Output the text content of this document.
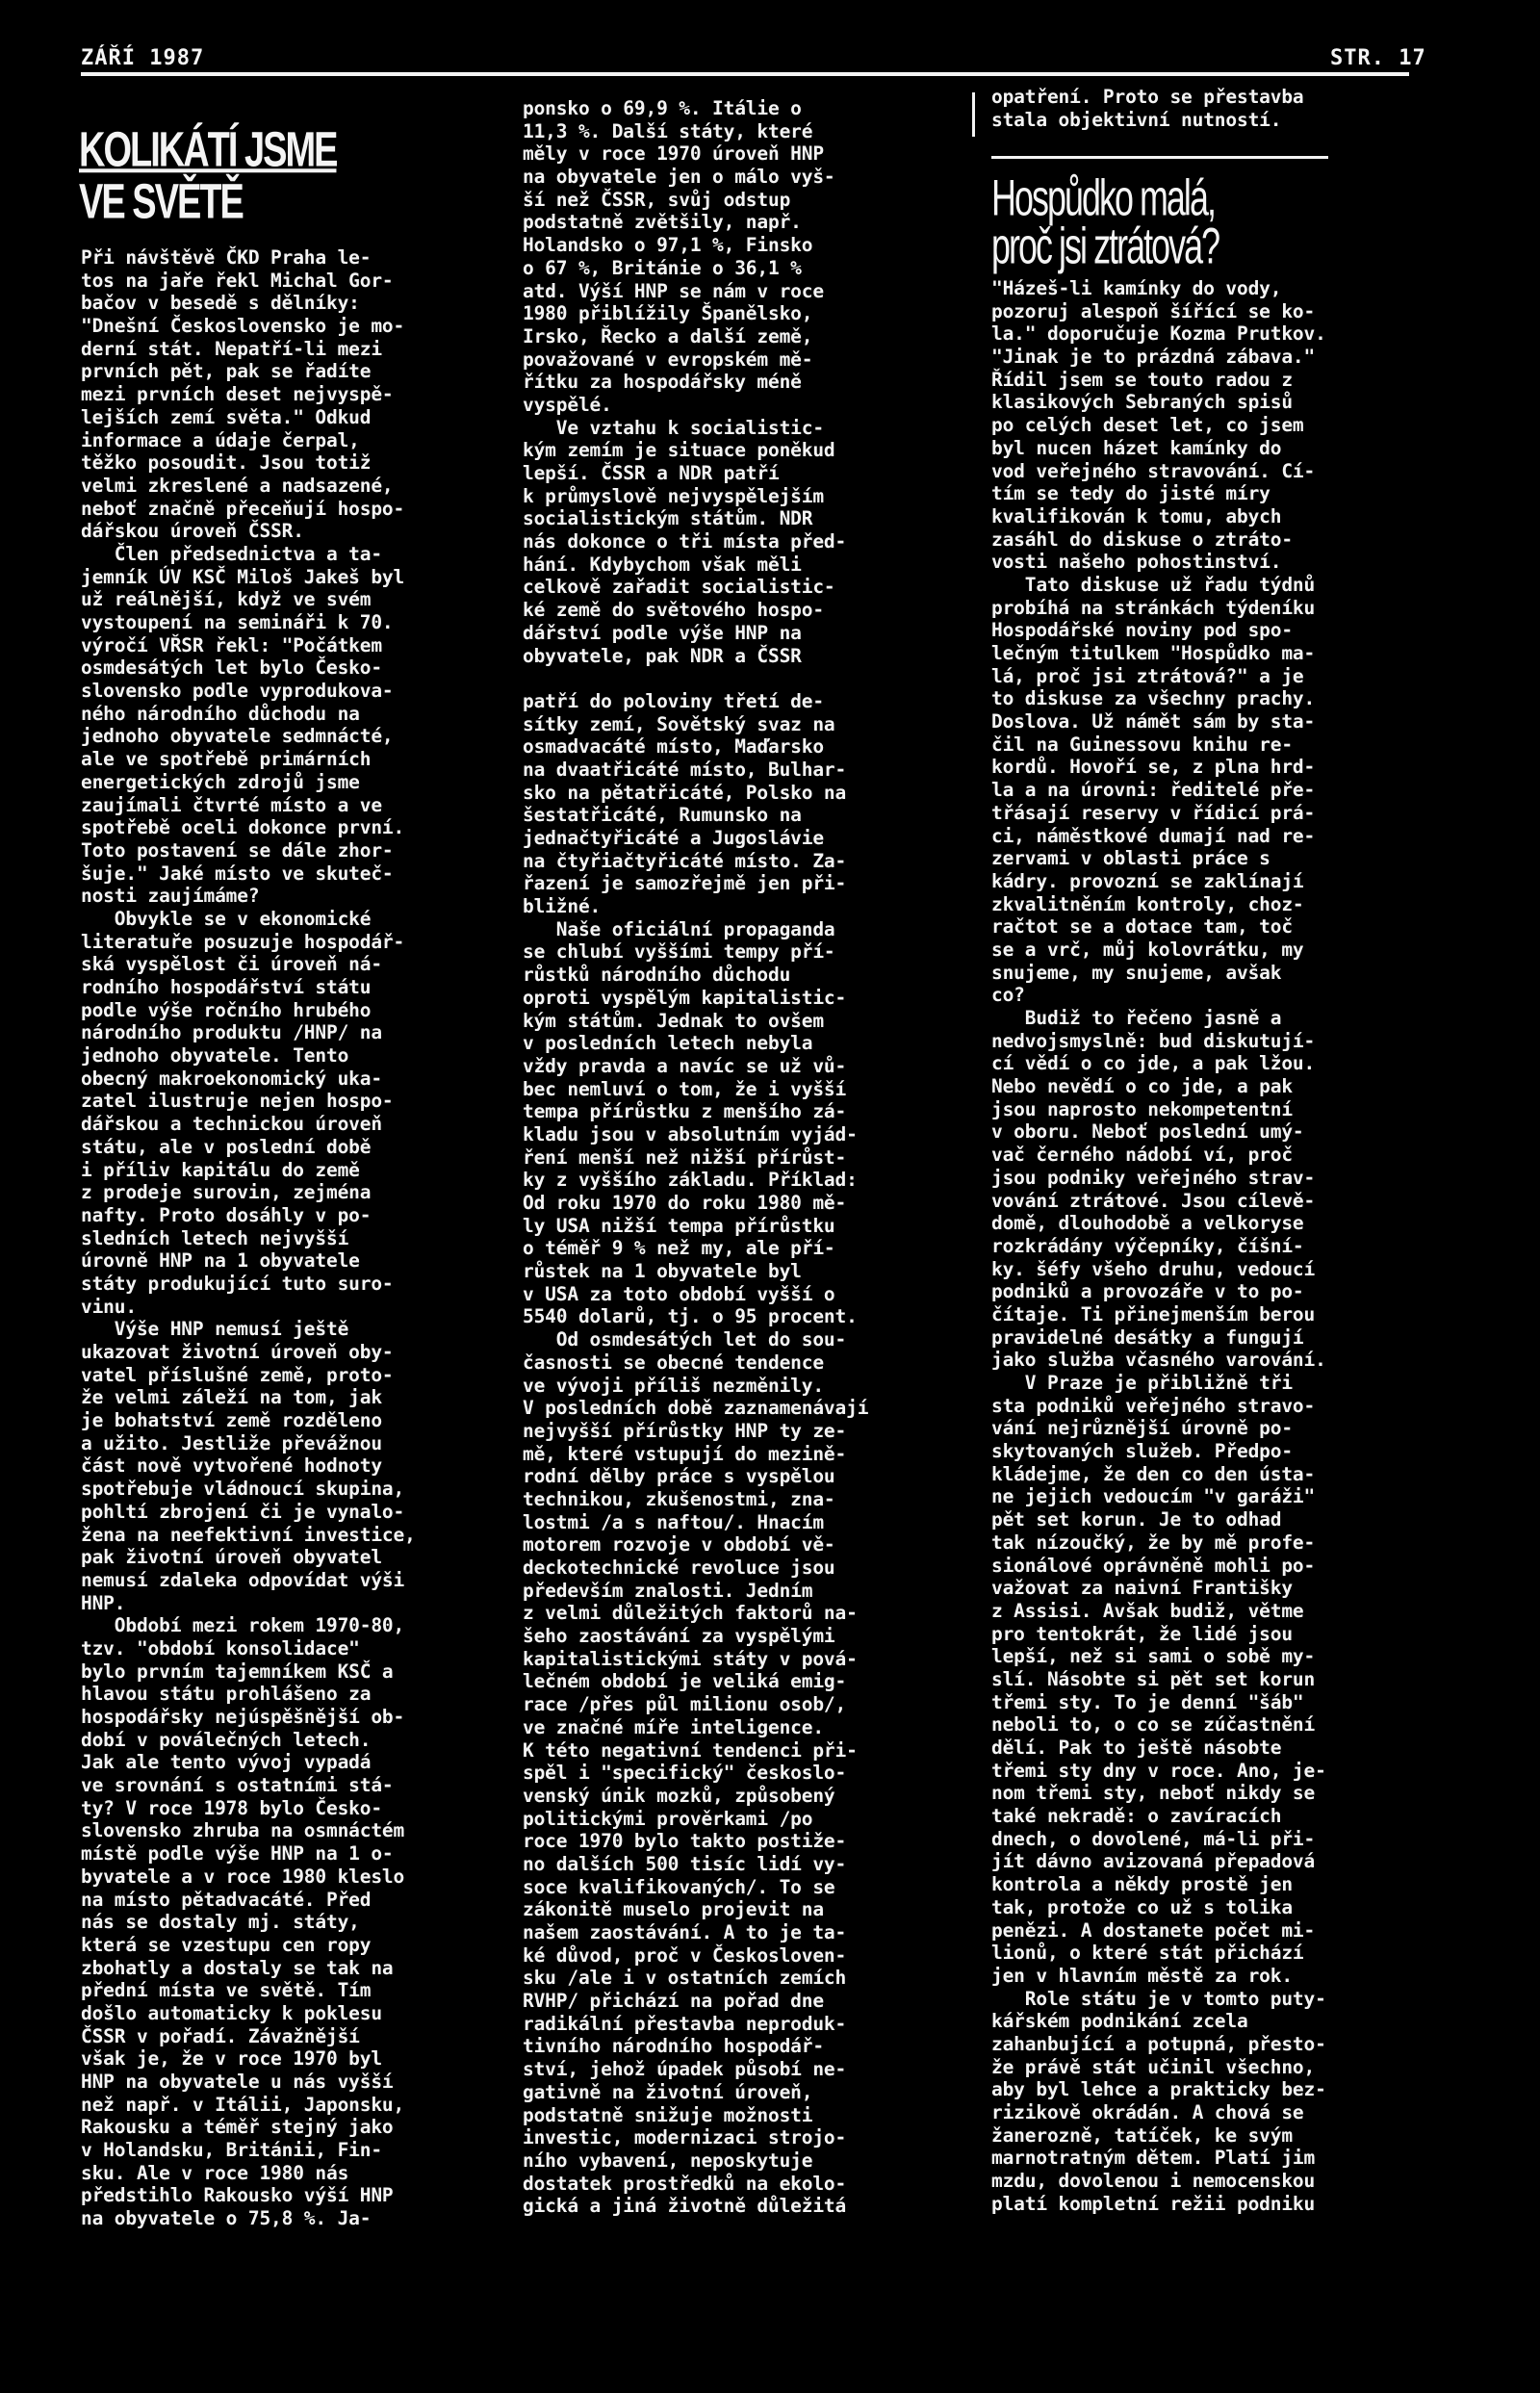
ZÁŘÍ 1987	STR. 17
KOLIKÁTÍ JSME
VE SVĚTĚ
Při návštěvě ČKD Praha le-
tos na jaře řekl Michal Gor-
bačov v besedě s dělníky:
"Dnešní Československo je mo-
derní stát. Nepatří-li mezi
prvních pět, pak se řadíte
mezi prvních deset nejvyspě-
lejších zemí světa." Odkud
informace a údaje čerpal,
těžko posoudit. Jsou totiž
velmi zkreslené a nadsazené,
neboť značně přeceňují hospo-
dářskou úroveň ČSSR.
Člen předsednictva a ta-
jemník ÚV KSČ Miloš Jakeš byl
už reálnější, když ve svém
vystoupení na semináři k 70.
výročí VŘSR řekl: "Počátkem
osmdesátých let bylo Česko-
slovensko podle vyprodukova-
ného národního důchodu na
jednoho obyvatele sedmnácté,
ale ve spotřebě primárních
energetických zdrojů jsme
zaujímali čtvrté místo a ve
spotřebě oceli dokonce první.
Toto postavení se dále zhor-
šuje." Jaké místo ve skuteč-
nosti zaujímáme?
Obvykle se v ekonomické
literatuře posuzuje hospodář-
ská vyspělost či úroveň ná-
rodního hospodářství státu
podle výše ročního hrubého
národního produktu /HNP/ na
jednoho obyvatele. Tento
obecný makroekonomický uka-
zatel ilustruje nejen hospo-
dářskou a technickou úroveň
státu, ale v poslední době
i příliv kapitálu do země
z prodeje surovin, zejména
nafty. Proto dosáhly v po-
sledních letech nejvyšší
úrovně HNP na 1 obyvatele
státy produkující tuto suro-
vinu.
Výše HNP nemusí ještě
ukazovat životní úroveň oby-
vatel příslušné země, proto-
že velmi záleží na tom, jak
je bohatství země rozděleno
a užito. Jestliže převážnou
část nově vytvořené hodnoty
spotřebuje vládnoucí skupina,
pohltí zbrojení či je vynalo-
žena na neefektivní investice,
pak životní úroveň obyvatel
nemusí zdaleka odpovídat výši
HNP.
Období mezi rokem 1970-80,
tzv. "období konsolidace"
bylo prvním tajemníkem KSČ a
hlavou státu prohlášeno za
hospodářsky nejúspěšnější ob-
dobí v poválečných letech.
Jak ale tento vývoj vypadá
ve srovnání s ostatními stá-
ty? V roce 1978 bylo Česko-
slovensko zhruba na osmnáctém
místě podle výše HNP na 1 o-
byvatele a v roce 1980 kleslo
na místo pětadvacáté. Před
nás se dostaly mj. státy,
která se vzestupu cen ropy
zbohatly a dostaly se tak na
přední místa ve světě. Tím
došlo automaticky k poklesu
ČSSR v pořadí. Závažnější
však je, že v roce 1970 byl
HNP na obyvatele u nás vyšší
než např. v Itálii, Japonsku,
Rakousku a téměř stejný jako
v Holandsku, Británii, Fin-
sku. Ale v roce 1980 nás
předstihlo Rakousko výší HNP
na obyvatele o 75,8 %. Ja-
ponsko o 69,9 %. Itálie o
11,3 %. Další státy, které
měly v roce 1970 úroveň HNP
na obyvatele jen o málo vyš-
ší než ČSSR, svůj odstup
podstatně zvětšily, např.
Holandsko o 97,1 %, Finsko
o 67 %, Británie o 36,1 %
atd. Výší HNP se nám v roce
1980 přiblížily Španělsko,
Irsko, Řecko a další země,
považované v evropském mě-
řítku za hospodářsky méně
vyspělé.
Ve vztahu k socialistic-
kým zemím je situace poněkud
lepší. ČSSR a NDR patří
k průmyslově nejvyspělejším
socialistickým státům. NDR
nás dokonce o tři místa před-
hání. Kdybychom však měli
celkově zařadit socialistic-
ké země do světového hospo-
dářství podle výše HNP na
obyvatele, pak NDR a ČSSR
patří do poloviny třetí de-
sítky zemí, Sovětský svaz na
osmadvacáté místo, Maďarsko
na dvaatřicáté místo, Bulhar-
sko na pětatřicáté, Polsko na
šestatřicáté, Rumunsko na
jednačtyřicáté a Jugoslávie
na čtyřiačtyřicáté místo. Za-
řazení je samozřejmě jen při-
bližné.
Naše oficiální propaganda
se chlubí vyššími tempy pří-
růstků národního důchodu
oproti vyspělým kapitalistic-
kým státům. Jednak to ovšem
v posledních letech nebyla
vždy pravda a navíc se už vů-
bec nemluví o tom, že i vyšší
tempa přírůstku z menšího zá-
kladu jsou v absolutním vyjád-
ření menší než nižší přírůst-
ky z vyššího základu. Příklad:
Od roku 1970 do roku 1980 mě-
ly USA nižší tempa přírůstku
o téměř 9 % než my, ale pří-
růstek na 1 obyvatele byl
v USA za toto období vyšší o
5540 dolarů, tj. o 95 procent.
Od osmdesátých let do sou-
časnosti se obecné tendence
ve vývoji příliš nezměnily.
V posledních době zaznamenávají
nejvyšší přírůstky HNP ty ze-
mě, které vstupují do mezině-
rodní dělby práce s vyspělou
technikou, zkušenostmi, zna-
lostmi /a s naftou/. Hnacím
motorem rozvoje v období vě-
deckotechnické revoluce jsou
především znalosti. Jedním
z velmi důležitých faktorů na-
šeho zaostávání za vyspělými
kapitalistickými státy v pová-
lečném období je veliká emig-
race /přes půl milionu osob/,
ve značné míře inteligence.
K této negativní tendenci při-
spěl i "specifický" českoslo-
venský únik mozků, způsobený
politickými prověrkami /po
roce 1970 bylo takto postiže-
no dalších 500 tisíc lidí vy-
soce kvalifikovaných/. To se
zákonitě muselo projevit na
našem zaostávání. A to je ta-
ké důvod, proč v Českosloven-
sku /ale i v ostatních zemích
RVHP/ přichází na pořad dne
radikální přestavba neproduk-
tivního národního hospodář-
ství, jehož úpadek působí ne-
gativně na životní úroveň,
podstatně snižuje možnosti
investic, modernizaci strojo-
ního vybavení, neposkytuje
dostatek prostředků na ekolo-
gická a jiná životně důležitá
opatření. Proto se přestavba
stala objektivní nutností.
Hospůdko malá,
proč jsi ztrátová?
"Házeš-li kamínky do vody,
pozoruj alespoň šířící se ko-
la." doporučuje Kozma Prutkov.
"Jinak je to prázdná zábava."
Řídil jsem se touto radou z
klasikových Sebraných spisů
po celých deset let, co jsem
byl nucen házet kamínky do
vod veřejného stravování. Cí-
tím se tedy do jisté míry
kvalifikován k tomu, abych
zasáhl do diskuse o ztráto-
vosti našeho pohostinství.
Tato diskuse už řadu týdnů
probíhá na stránkách týdeníku
Hospodářské noviny pod spo-
lečným titulkem "Hospůdko ma-
lá, proč jsi ztrátová?" a je
to diskuse za všechny prachy.
Doslova. Už námět sám by sta-
čil na Guinessovu knihu re-
kordů. Hovoří se, z plna hrd-
la a na úrovni: ředitelé pře-
třásají reservy v řídicí prá-
ci, náměstkové dumají nad re-
zervami v oblasti práce s
kádry. provozní se zaklínají
zkvalitněním kontroly, choz-
račtot se a dotace tam, toč
se a vrč, můj kolovrátku, my
snujeme, my snujeme, avšak
co?
Budiž to řečeno jasně a
nedvojsmyslně: bud diskutují-
cí vědí o co jde, a pak lžou.
Nebo nevědí o co jde, a pak
jsou naprosto nekompetentní
v oboru. Neboť poslední umý-
vač černého nádobí ví, proč
jsou podniky veřejného strav-
vování ztrátové. Jsou cílevě-
domě, dlouhodobě a velkoryse
rozkrádány výčepníky, číšní-
ky. šéfy všeho druhu, vedoucí
podniků a provozáře v to po-
čítaje. Ti přinejmenším berou
pravidelné desátky a fungují
jako služba včasného varování.
V Praze je přibližně tři
sta podniků veřejného stravo-
vání nejrůznější úrovně po-
skytovaných služeb. Předpo-
kládejme, že den co den ústa-
ne jejich vedoucím "v garáži"
pět set korun. Je to odhad
tak nízoučký, že by mě profe-
sionálové oprávněně mohli po-
važovat za naivní Františky
z Assisi. Avšak budiž, větme
pro tentokrát, že lidé jsou
lepší, než si sami o sobě my-
slí. Násobte si pět set korun
třemi sty. To je denní "šáb"
neboli to, o co se zúčastnění
dělí. Pak to ještě násobte
třemi sty dny v roce. Ano, je-
nom třemi sty, neboť nikdy se
také nekradě: o zavíracích
dnech, o dovolené, má-li při-
jít dávno avizovaná přepadová
kontrola a někdy prostě jen
tak, protože co už s tolika
penězi. A dostanete počet mi-
lionů, o které stát přichází
jen v hlavním městě za rok.
Role státu je v tomto puty-
kářském podnikání zcela
zahanbující a potupná, přesto-
že právě stát učinil všechno,
aby byl lehce a prakticky bez-
rizikově okrádán. A chová se
žanerozně, tatíček, ke svým
marnotratným dětem. Platí jim
mzdu, dovolenou i nemocenskou
platí kompletní režii podniku
